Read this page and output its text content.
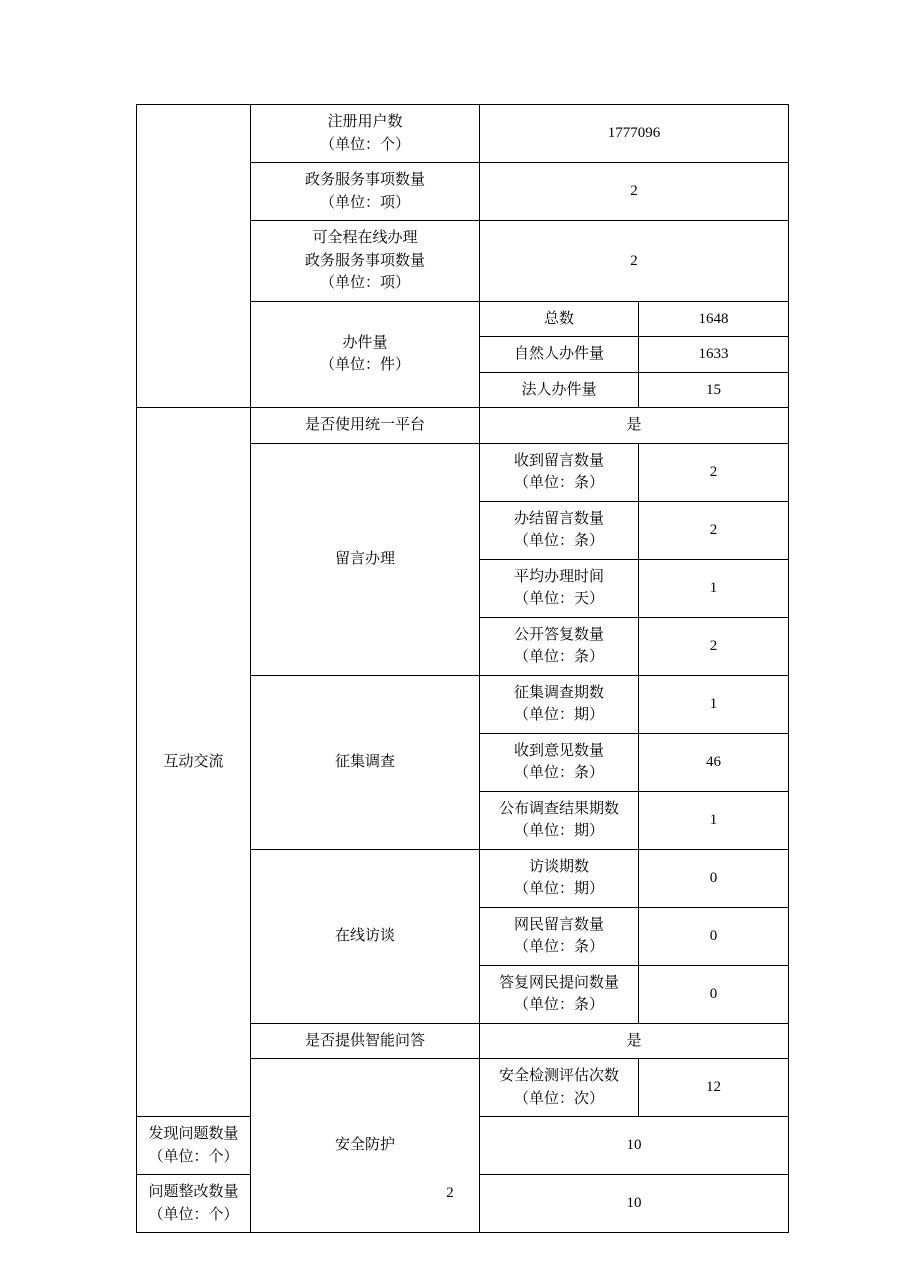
	注册用户数
（单位：个）	1777096	

	政务服务事项数量
（单位：项）	2	

	可全程在线办理
政务服务事项数量
（单位：项）	2	

	办件量
（单位：件）	总数	1648
		自然人办件量	1633
		法人办件量	15
互动交流	是否使用统一平台	是	
	留言办理	收到留言数量
（单位：条）	2

		办结留言数量
（单位：条）	2

		平均办理时间
（单位：天）	1

		公开答复数量
（单位：条）	2
	征集调查	征集调查期数
（单位：期）	1

		收到意见数量
（单位：条）	46

		公布调查结果期数
（单位：期）	1
	在线访谈	访谈期数
（单位：期）	0

		网民留言数量
（单位：条）	0

		答复网民提问数量
（单位：条）	0
	是否提供智能问答	是	
	安全防护	安全检测评估次数
（单位：次）	12

发现问题数量
（单位：个）		10	

问题整改数量
（单位：个）		10	
2
